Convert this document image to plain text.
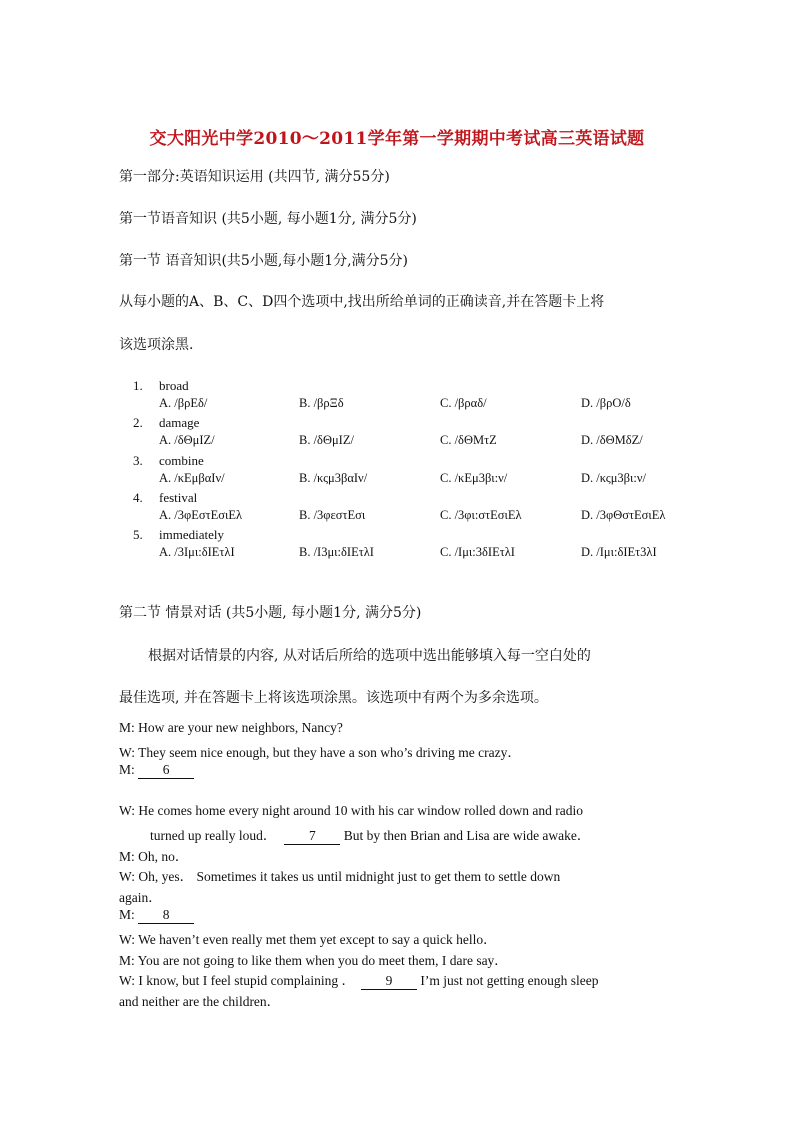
交大阳光中学2010～2011学年第一学期期中考试高三英语试题
第一部分:英语知识运用 (共四节, 满分55分)
第一节语音知识 (共5小题, 每小题1分, 满分5分)
第一节 语音知识(共5小题,每小题1分,满分5分)
从每小题的A、B、C、D四个选项中,找出所给单词的正确读音,并在答题卡上将
该选项涂黑.
1. broad
A. /βρΕδ/	B. /βρΞδ	C. /βραδ/	D. /βρΟ/δ
2. damage
A. /δΘμΙΖ/	B. /δΘμΙΖ/	C. /δΘΜτΖ	D. /δΘΜδΖ/
3. combine
A. /κΕμβαΙν/	B. /κςμ3βαΙν/	C. /κΕμ3βι:ν/	D. /κςμ3βι:ν/
4. festival
A. /3φΕστΕσιΕλ	B. /3φεστΕσι	C. /3φι:στΕσιΕλ	D. /3φΘστΕσιΕλ
5. immediately
A. /3Ιμι:δΙΕτλΙ	B. /Ι3μι:δΙΕτλΙ	C. /Ιμι:3δΙΕτλΙ	D. /Ιμι:δΙΕτ3λΙ
第二节 情景对话 (共5小题, 每小题1分, 满分5分)
根据对话情景的内容, 从对话后所给的选项中选出能够填入每一空白处的
最佳选项, 并在答题卡上将该选项涂黑。该选项中有两个为多余选项。
M: How are your new neighbors, Nancy?
W: They seem nice enough, but they have a son who’s driving me crazy．
M: 6
W: He comes home every night around 10 with his car window rolled down and radio
turned up really loud． 7 But by then Brian and Lisa are wide awake．
M: Oh, no．
W: Oh, yes． Sometimes it takes us until midnight just to get them to settle down
again．
M: 8
W: We haven’t even really met them yet except to say a quick hello．
M: You are not going to like them when you do meet them, I dare say．
W: I know, but I feel stupid complaining ． 9 I’m just not getting enough sleep
and neither are the children．
